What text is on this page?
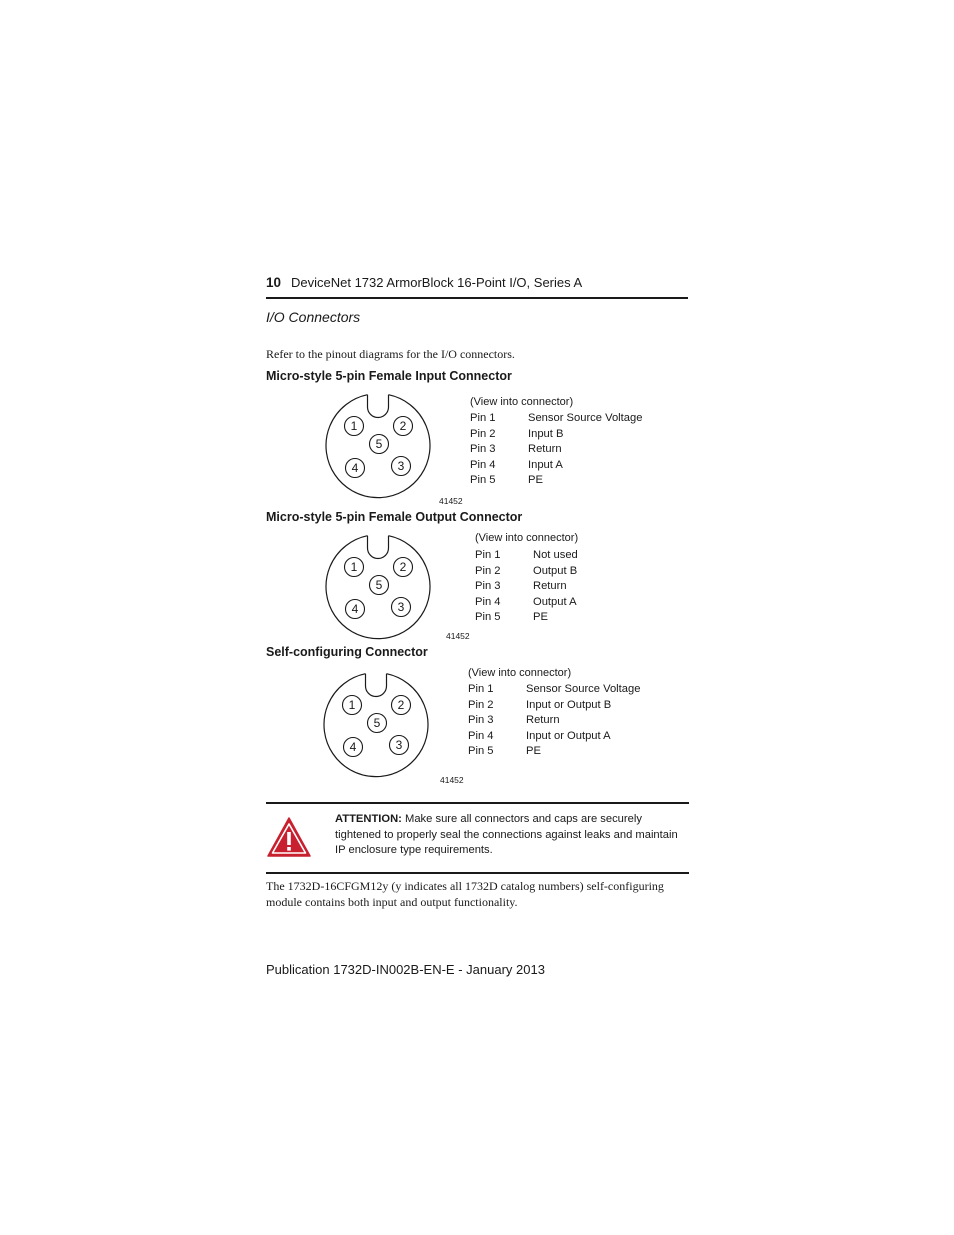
10 DeviceNet 1732 ArmorBlock 16-Point I/O, Series A
I/O Connectors
Refer to the pinout diagrams for the I/O connectors.
Micro-style 5-pin Female Input Connector
1	2
3
4
5
(View into connector)
Pin 1	Sensor Source Voltage
Pin 2	Input B
Pin 3	Return
Pin 4	Input A
Pin 5	PE
41452
Micro-style 5-pin Female Output Connector
1	2
3
4
5
(View into connector)
Pin 1	Not used
Pin 2	Output B
Pin 3	Return
Pin 4	Output A
Pin 5	PE
41452
Self-configuring Connector
1	2
3
4
5
(View into connector)
Pin 1	Sensor Source Voltage
Pin 2	Input or Output B
Pin 3	Return
Pin 4	Input or Output A
Pin 5	PE
41452
ATTENTION: Make sure all connectors and caps are securely tightened to properly seal the connections against leaks and maintain IP enclosure type requirements.
The 1732D-16CFGM12y (y indicates all 1732D catalog numbers) self-configuring module contains both input and output functionality.
Publication 1732D-IN002B-EN-E - January 2013
